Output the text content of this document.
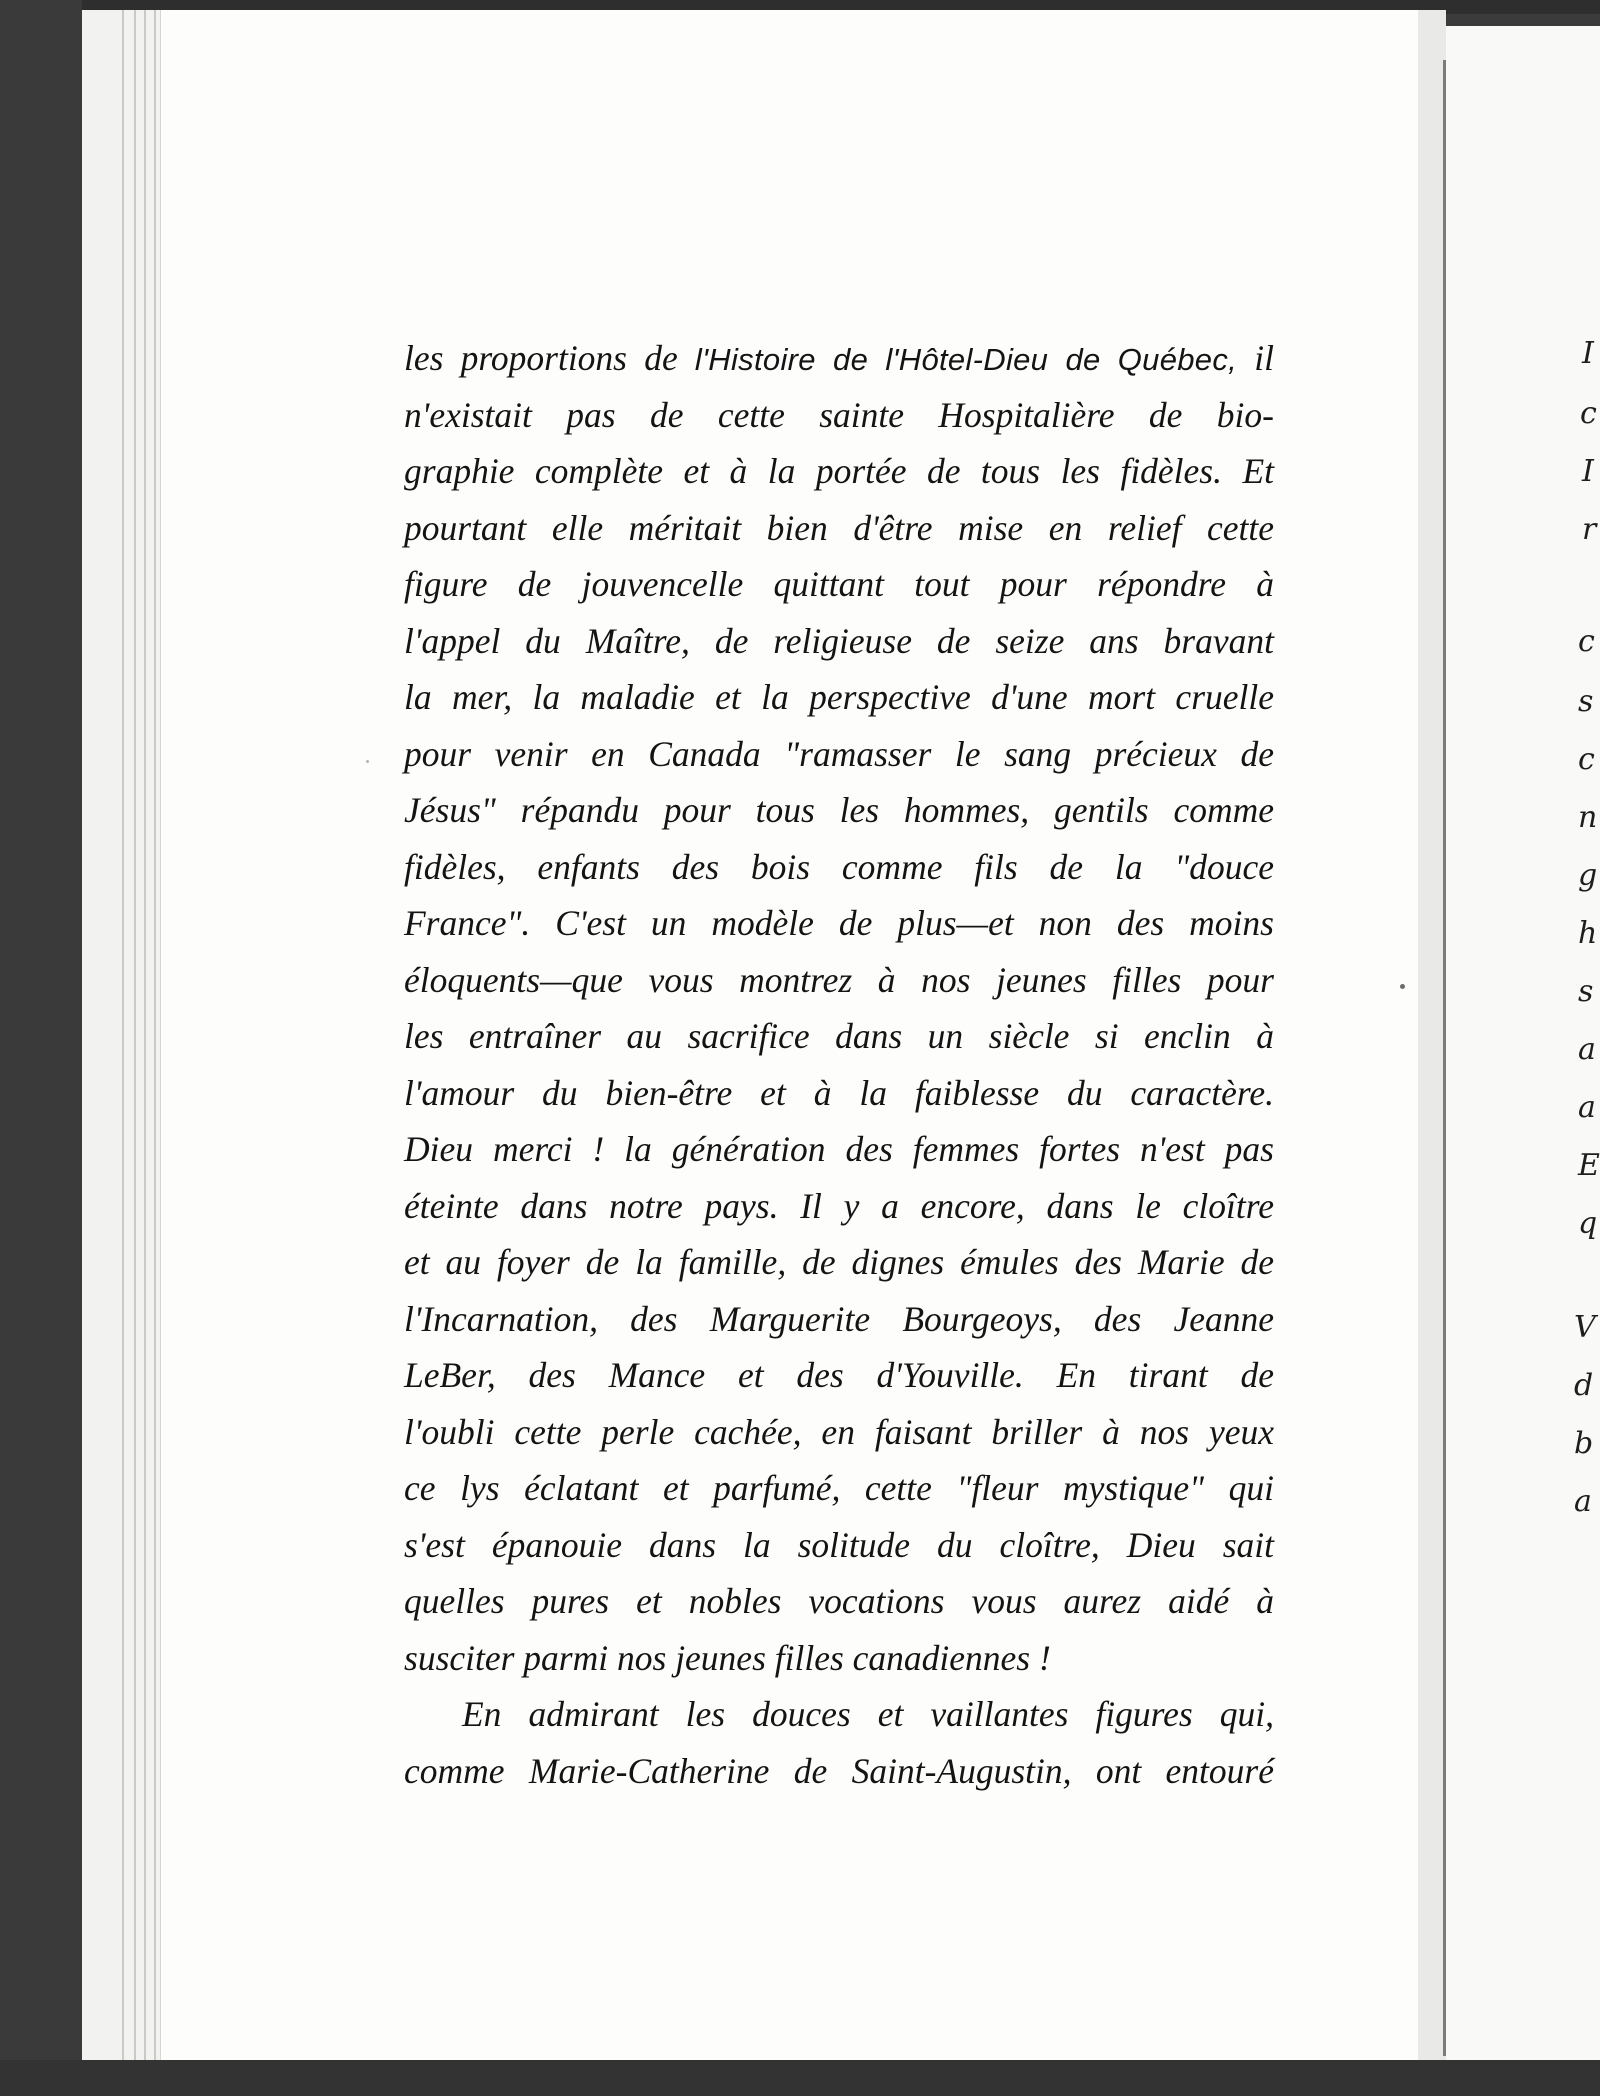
I
c
I
r
c
s
c
n
g
h
s
a
a
E
q
V
d
b
a
les proportions de l'Histoire de l'Hôtel-Dieu de Québec, il
n'existait pas de cette sainte Hospitalière de bio-
graphie complète et à la portée de tous les fidèles. Et
pourtant elle méritait bien d'être mise en relief cette
figure de jouvencelle quittant tout pour répondre à
l'appel du Maître, de religieuse de seize ans bravant
la mer, la maladie et la perspective d'une mort cruelle
pour venir en Canada "ramasser le sang précieux de
Jésus" répandu pour tous les hommes, gentils comme
fidèles, enfants des bois comme fils de la "douce
France". C'est un modèle de plus—et non des moins
éloquents—que vous montrez à nos jeunes filles pour
les entraîner au sacrifice dans un siècle si enclin à
l'amour du bien-être et à la faiblesse du caractère.
Dieu merci ! la génération des femmes fortes n'est pas
éteinte dans notre pays. Il y a encore, dans le cloître
et au foyer de la famille, de dignes émules des Marie de
l'Incarnation, des Marguerite Bourgeoys, des Jeanne
LeBer, des Mance et des d'Youville. En tirant de
l'oubli cette perle cachée, en faisant briller à nos yeux
ce lys éclatant et parfumé, cette "fleur mystique" qui
s'est épanouie dans la solitude du cloître, Dieu sait
quelles pures et nobles vocations vous aurez aidé à
susciter parmi nos jeunes filles canadiennes !
En admirant les douces et vaillantes figures qui,
comme Marie-Catherine de Saint-Augustin, ont entouré
